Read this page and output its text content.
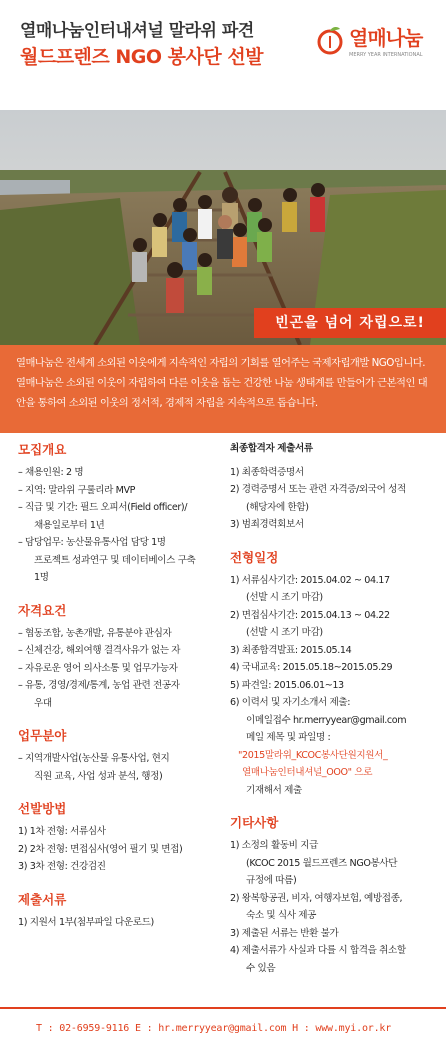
열매나눔인터내셔널 말라위 파견
월드프렌즈 NGO 봉사단 선발
열매나눔
MERRY YEAR INTERNATIONAL
빈곤을 넘어 자립으로!
열매나눔은 전세계 소외된 이웃에게 지속적인 자립의 기회를 열어주는 국제자립개발 NGO입니다. 열매나눔은 소외된 이웃이 자립하여 다른 이웃을 돕는 건강한 나눔 생태계를 만들어가 근본적인 대안을 통하여 소외된 이웃의 정서적, 경제적 자립을 지속적으로 돕습니다.
모집개요
– 채용인원: 2 명
– 지역: 말라위 구룰리라 MVP
– 직급 및 기간: 필드 오피서(Field officer)/
채용일로부터 1년
– 담당업무: 농산물유통사업 담당 1명
프로젝트 성과연구 및 데이터베이스 구축
1명
자격요건
– 협동조합, 농촌개발, 유통분야 관심자
– 신체건강, 해외여행 결격사유가 없는 자
– 자유로운 영어 의사소통 및 업무가능자
– 유통, 경영/경제/통계, 농업 관련 전공자
우대
업무분야
– 지역개발사업(농산물 유통사업, 현지
직원 교육, 사업 성과 분석, 행정)
선발방법
1) 1차 전형: 서류심사
2) 2차 전형: 면접심사(영어 필기 및 면접)
3) 3차 전형: 건강검진
제출서류
1) 지원서 1부(첨부파일 다운로드)
최종합격자 제출서류
1) 최종학력증명서
2) 경력증명서 또는 관련 자격증/외국어 성적
(해당자에 한함)
3) 범죄경력회보서
전형일정
1) 서류심사기간: 2015.04.02 ~ 04.17
(선발 시 조기 마감)
2) 면접심사기간: 2015.04.13 ~ 04.22
(선발 시 조기 마감)
3) 최종합격발표: 2015.05.14
4) 국내교육: 2015.05.18~2015.05.29
5) 파견일: 2015.06.01~13
6) 이력서 및 자기소개서 제출:
이메일접수 hr.merryyear@gmail.com
메일 제목 및 파일명 :
"2015말라위_KCOC봉사단원지원서_
열매나눔인터내셔널_OOO" 으로
기재해서 제출
기타사항
1) 소정의 활동비 지급
(KCOC 2015 월드프렌즈 NGO봉사단
규정에 따름)
2) 왕복항공권, 비자, 여행자보험, 예방접종,
숙소 및 식사 제공
3) 제출된 서류는 반환 불가
4) 제출서류가 사실과 다를 시 합격을 취소할
수 있음
T : 02-6959-9116 E : hr.merryyear@gmail.com H : www.myi.or.kr
